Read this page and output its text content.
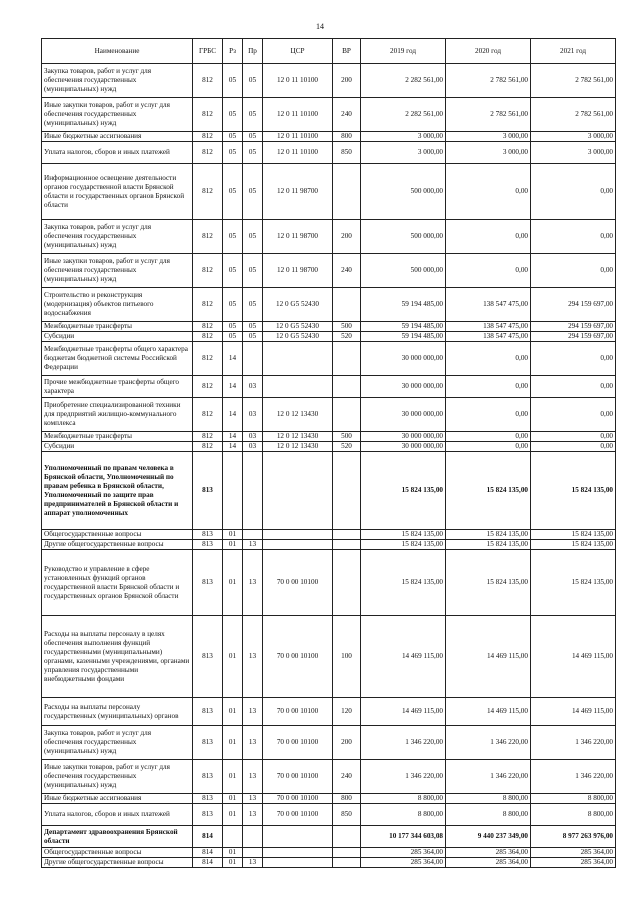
14
Наименование	ГРБС	Рз	Пр	ЦСР	ВР	2019 год	2020 год	2021 год
Закупка товаров, работ и услуг для обеспечения государственных (муниципальных) нужд	812	05	05	12 0 11 10100	200	2 282 561,00	2 782 561,00	2 782 561,00
Иные закупки товаров, работ и услуг для обеспечения государственных (муниципальных) нужд	812	05	05	12 0 11 10100	240	2 282 561,00	2 782 561,00	2 782 561,00
Иные бюджетные ассигнования	812	05	05	12 0 11 10100	800	3 000,00	3 000,00	3 000,00
Уплата налогов, сборов и иных платежей	812	05	05	12 0 11 10100	850	3 000,00	3 000,00	3 000,00
Информационное освещение деятельности органов государственной власти Брянской области и государственных органов Брянской области	812	05	05	12 0 11 98700		500 000,00	0,00	0,00
Закупка товаров, работ и услуг для обеспечения государственных (муниципальных) нужд	812	05	05	12 0 11 98700	200	500 000,00	0,00	0,00
Иные закупки товаров, работ и услуг для обеспечения государственных (муниципальных) нужд	812	05	05	12 0 11 98700	240	500 000,00	0,00	0,00
Строительство и реконструкция (модернизация) объектов питьевого водоснабжения	812	05	05	12 0 G5 52430		59 194 485,00	138 547 475,00	294 159 697,00
Межбюджетные трансферты	812	05	05	12 0 G5 52430	500	59 194 485,00	138 547 475,00	294 159 697,00
Субсидии	812	05	05	12 0 G5 52430	520	59 194 485,00	138 547 475,00	294 159 697,00
Межбюджетные трансферты общего характера бюджетам бюджетной системы Российской Федерации	812	14				30 000 000,00	0,00	0,00
Прочие межбюджетные трансферты общего характера	812	14	03			30 000 000,00	0,00	0,00
Приобретение специализированной техники для предприятий жилищно-коммунального комплекса	812	14	03	12 0 12 13430		30 000 000,00	0,00	0,00
Межбюджетные трансферты	812	14	03	12 0 12 13430	500	30 000 000,00	0,00	0,00
Субсидии	812	14	03	12 0 12 13430	520	30 000 000,00	0,00	0,00
Уполномоченный по правам человека в Брянской области, Уполномоченный по правам ребенка в Брянской области, Уполномоченный по защите прав предпринимателей в Брянской области и аппарат уполномоченных	813					15 824 135,00	15 824 135,00	15 824 135,00
Общегосударственные вопросы	813	01				15 824 135,00	15 824 135,00	15 824 135,00
Другие общегосударственные вопросы	813	01	13			15 824 135,00	15 824 135,00	15 824 135,00
Руководство и управление в сфере установленных функций органов государственной власти Брянской области и государственных органов Брянской области	813	01	13	70 0 00 10100		15 824 135,00	15 824 135,00	15 824 135,00
Расходы на выплаты персоналу в целях обеспечения выполнения функций государственными (муниципальными) органами, казенными учреждениями, органами управления государственными внебюджетными фондами	813	01	13	70 0 00 10100	100	14 469 115,00	14 469 115,00	14 469 115,00
Расходы на выплаты персоналу государственных (муниципальных) органов	813	01	13	70 0 00 10100	120	14 469 115,00	14 469 115,00	14 469 115,00
Закупка товаров, работ и услуг для обеспечения государственных (муниципальных) нужд	813	01	13	70 0 00 10100	200	1 346 220,00	1 346 220,00	1 346 220,00
Иные закупки товаров, работ и услуг для обеспечения государственных (муниципальных) нужд	813	01	13	70 0 00 10100	240	1 346 220,00	1 346 220,00	1 346 220,00
Иные бюджетные ассигнования	813	01	13	70 0 00 10100	800	8 800,00	8 800,00	8 800,00
Уплата налогов, сборов и иных платежей	813	01	13	70 0 00 10100	850	8 800,00	8 800,00	8 800,00
Департамент здравоохранения Брянской области	814					10 177 344 603,08	9 440 237 349,00	8 977 263 976,00
Общегосударственные вопросы	814	01				285 364,00	285 364,00	285 364,00
Другие общегосударственные вопросы	814	01	13			285 364,00	285 364,00	285 364,00
